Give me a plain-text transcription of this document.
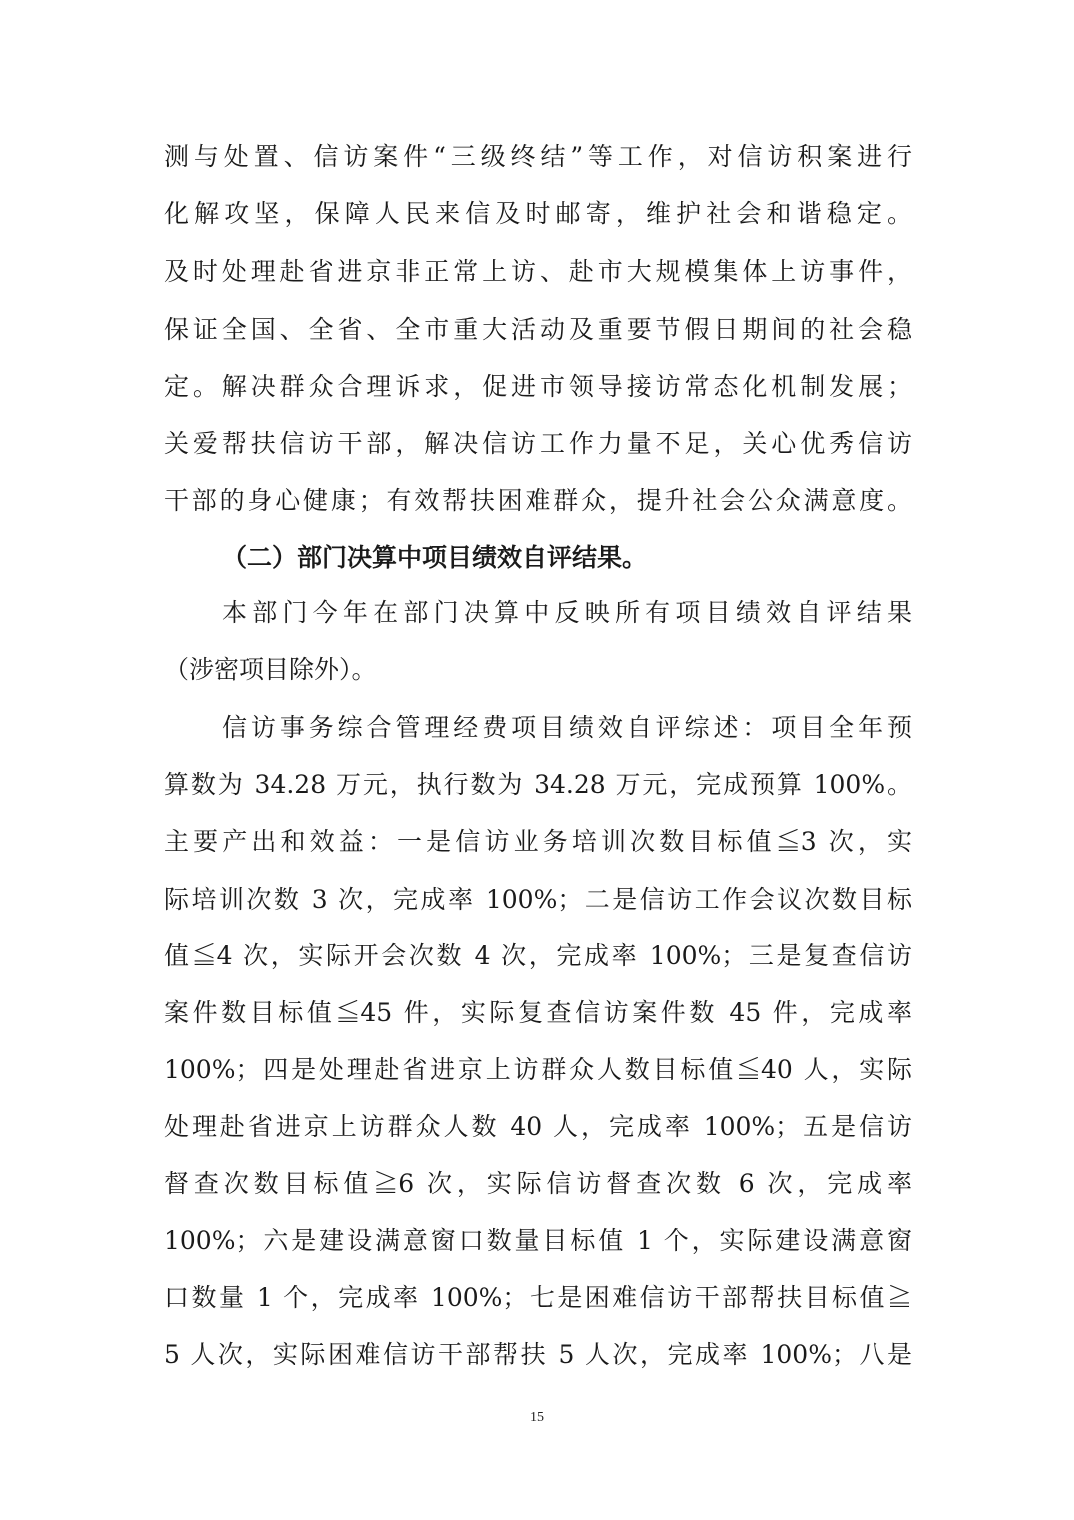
测与处置、信访案件“三级终结”等工作，对信访积案进行

化解攻坚，保障人民来信及时邮寄，维护社会和谐稳定。

及时处理赴省进京非正常上访、赴市大规模集体上访事件，

保证全国、全省、全市重大活动及重要节假日期间的社会稳

定。解决群众合理诉求，促进市领导接访常态化机制发展；

关爱帮扶信访干部，解决信访工作力量不足，关心优秀信访

干部的身心健康；有效帮扶困难群众，提升社会公众满意度。

（二）部门决算中项目绩效自评结果。

本部门今年在部门决算中反映所有项目绩效自评结果

（涉密项目除外）。

信访事务综合管理经费项目绩效自评综述：项目全年预

算数为 34.28 万元，执行数为 34.28 万元，完成预算 100%。

主要产出和效益：一是信访业务培训次数目标值≦3 次，实

际培训次数 3 次，完成率 100%；二是信访工作会议次数目标

值≦4 次，实际开会次数 4 次，完成率 100%；三是复查信访

案件数目标值≦45 件，实际复查信访案件数 45 件，完成率

100%；四是处理赴省进京上访群众人数目标值≦40 人，实际

处理赴省进京上访群众人数 40 人，完成率 100%；五是信访

督查次数目标值≧6 次，实际信访督查次数 6 次，完成率

100%；六是建设满意窗口数量目标值 1 个，实际建设满意窗

口数量 1 个，完成率 100%；七是困难信访干部帮扶目标值≧

5 人次，实际困难信访干部帮扶 5 人次，完成率 100%；八是

15
